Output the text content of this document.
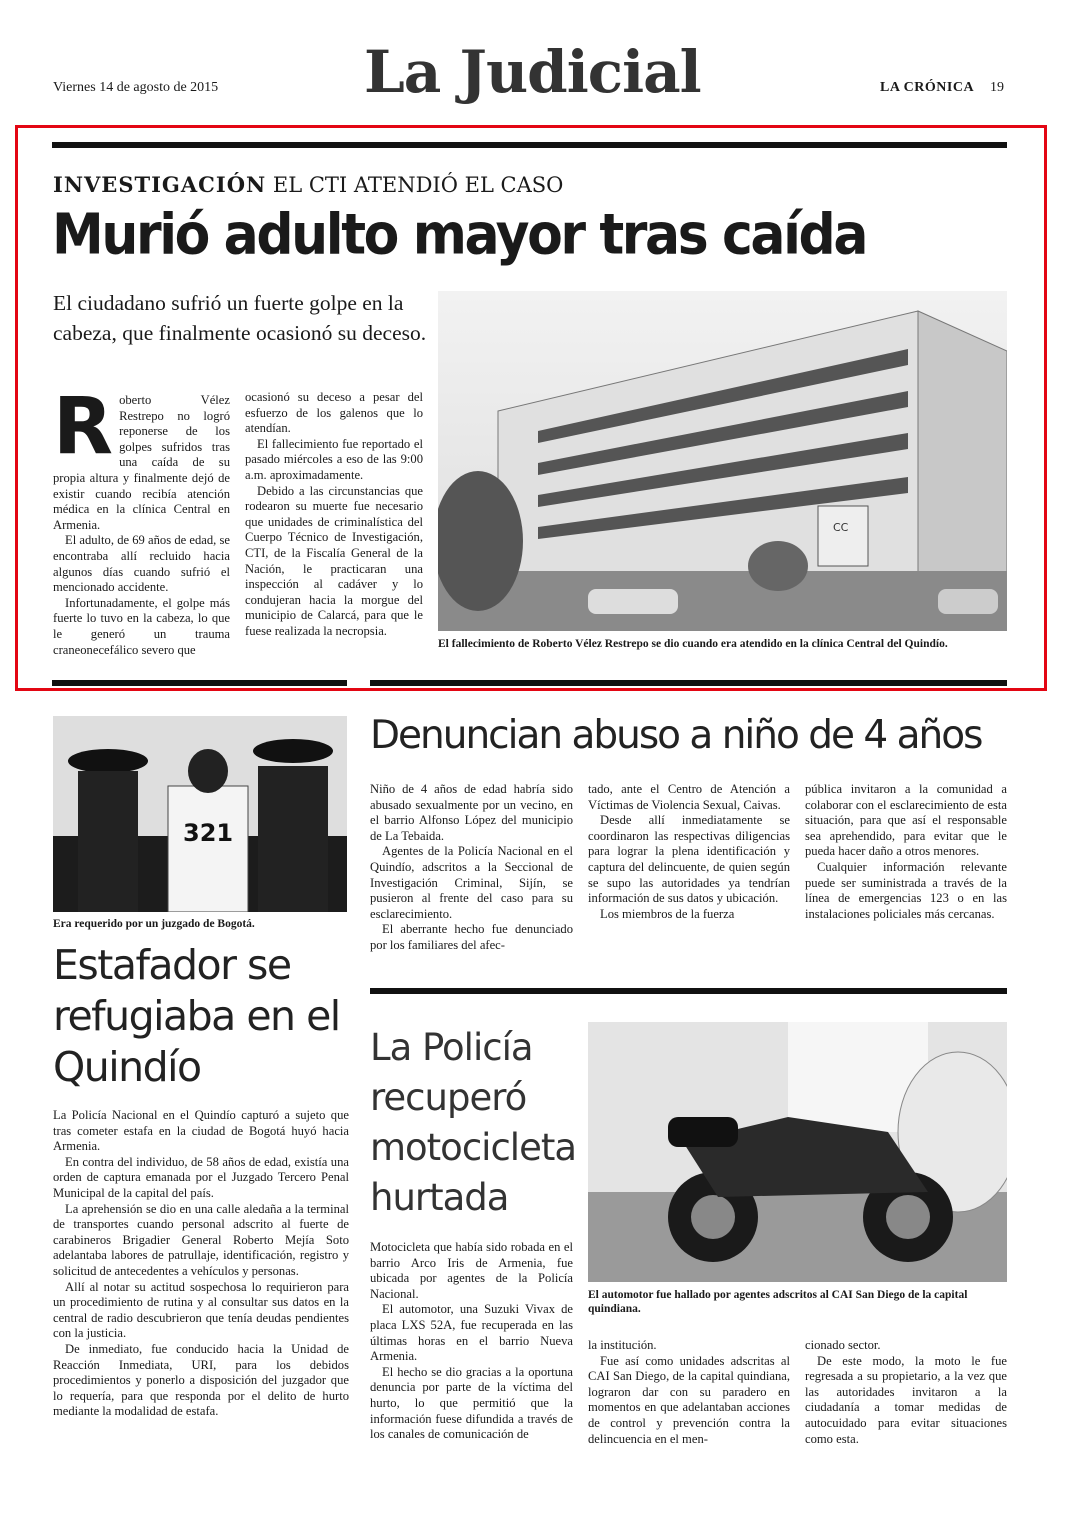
Viernes 14 de agosto de 2015	La Judicial	LA CRÓNICA 19
INVESTIGACIÓN EL CTI ATENDIÓ EL CASO
Murió adulto mayor tras caída
El ciudadano sufrió un fuerte golpe en la cabeza, que finalmente ocasionó su deceso.

Roberto Vélez Restrepo no logró reponerse de los golpes sufridos tras una caída de su propia altura y finalmente dejó de existir cuando recibía atención médica en la clínica Central en Armenia.

El adulto, de 69 años de edad, se encontraba allí recluido hacia algunos días cuando sufrió el mencionado accidente.

Infortunadamente, el golpe más fuerte lo tuvo en la cabeza, lo que le generó un trauma craneonecefálico severo que

ocasionó su deceso a pesar del esfuerzo de los galenos que lo atendían.

El fallecimiento fue reportado el pasado miércoles a eso de las 9:00 a.m. aproximadamente.

Debido a las circunstancias que rodearon su muerte fue necesario que unidades de criminalística del Cuerpo Técnico de Investigación, CTI, de la Fiscalía General de la Nación, le practicaran una inspección al cadáver y lo condujeran hacia la morgue del municipio de Calarcá, para que le fuese realizada la necropsia.

CC
El fallecimiento de Roberto Vélez Restrepo se dio cuando era atendido en la clínica Central del Quindío.
321
Era requerido por un juzgado de Bogotá.
Estafador se refugiaba en el Quindío

La Policía Nacional en el Quindío capturó a sujeto que tras cometer estafa en la ciudad de Bogotá huyó hacia Armenia.

En contra del individuo, de 58 años de edad, existía una orden de captura emanada por el Juzgado Tercero Penal Municipal de la capital del país.

La aprehensión se dio en una calle aledaña a la terminal de transportes cuando personal adscrito al fuerte de carabineros Brigadier General Roberto Mejía Soto adelantaba labores de patrullaje, identificación, registro y solicitud de antecedentes a vehículos y personas.

Allí al notar su actitud sospechosa lo requirieron para un procedimiento de rutina y al consultar sus datos en la central de radio descubrieron que tenía deudas pendientes con la justicia.

De inmediato, fue conducido hacia la Unidad de Reacción Inmediata, URI, para los debidos procedimientos y ponerlo a disposición del juzgador que lo requería, para que responda por el delito de hurto mediante la modalidad de estafa.

Denuncian abuso a niño de 4 años

Niño de 4 años de edad habría sido abusado sexualmente por un vecino, en el barrio Alfonso López del municipio de La Tebaida.

Agentes de la Policía Nacional en el Quindío, adscritos a la Seccional de Investigación Criminal, Sijín, se pusieron al frente del caso para su esclarecimiento.

El aberrante hecho fue denunciado por los familiares del afec-

tado, ante el Centro de Atención a Víctimas de Violencia Sexual, Caivas.

Desde allí inmediatamente se coordinaron las respectivas diligencias para lograr la plena identificación y captura del delincuente, de quien según se supo las autoridades ya tendrían información de sus datos y ubicación.

Los miembros de la fuerza

pública invitaron a la comunidad a colaborar con el esclarecimiento de esta situación, para que así el responsable sea aprehendido, para evitar que le pueda hacer daño a otros menores.

Cualquier información relevante puede ser suministrada a través de la línea de emergencias 123 o en las instalaciones policiales más cercanas.

La Policía recuperó motocicleta hurtada
El automotor fue hallado por agentes adscritos al CAI San Diego de la capital quindiana.

Motocicleta que había sido robada en el barrio Arco Iris de Armenia, fue ubicada por agentes de la Policía Nacional.

El automotor, una Suzuki Vivax de placa LXS 52A, fue recuperada en las últimas horas en el barrio Nueva Armenia.

El hecho se dio gracias a la oportuna denuncia por parte de la víctima del hurto, lo que permitió que la información fuese difundida a través de los canales de comunicación de

la institución.

Fue así como unidades adscritas al CAI San Diego, de la capital quindiana, lograron dar con su paradero en momentos en que adelantaban acciones de control y prevención contra la delincuencia en el men-

cionado sector.

De este modo, la moto le fue regresada a su propietario, a la vez que las autoridades invitaron a la ciudadanía a tomar medidas de autocuidado para evitar situaciones como esta.
